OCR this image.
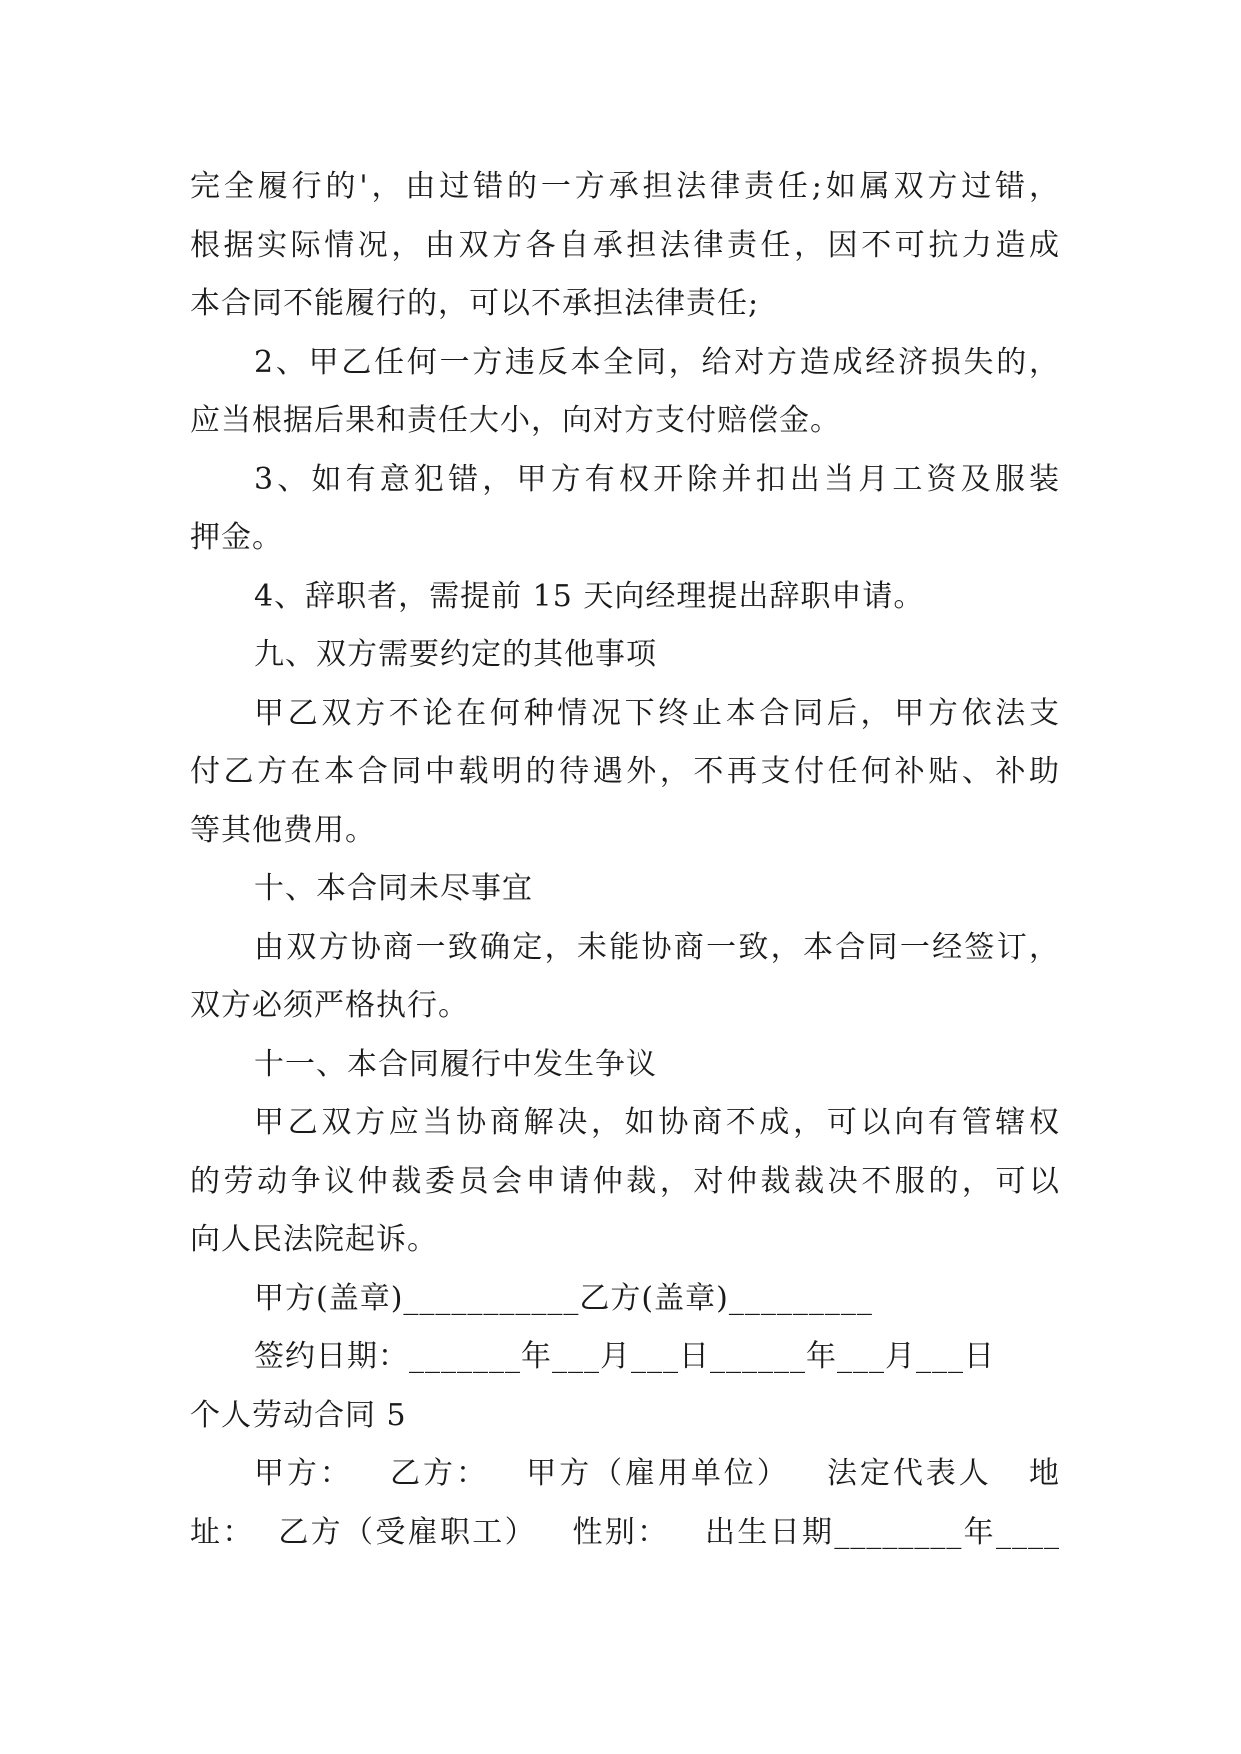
完全履行的'，由过错的一方承担法律责任;如属双方过错，
根据实际情况，由双方各自承担法律责任，因不可抗力造成
本合同不能履行的，可以不承担法律责任;
2、甲乙任何一方违反本全同，给对方造成经济损失的，
应当根据后果和责任大小，向对方支付赔偿金。
3、如有意犯错，甲方有权开除并扣出当月工资及服装
押金。
4、辞职者，需提前 15 天向经理提出辞职申请。
九、双方需要约定的其他事项
甲乙双方不论在何种情况下终止本合同后，甲方依法支
付乙方在本合同中载明的待遇外，不再支付任何补贴、补助
等其他费用。
十、本合同未尽事宜
由双方协商一致确定，未能协商一致，本合同一经签订，
双方必须严格执行。
十一、本合同履行中发生争议
甲乙双方应当协商解决，如协商不成，可以向有管辖权
的劳动争议仲裁委员会申请仲裁，对仲裁裁决不服的，可以
向人民法院起诉。
甲方(盖章)___________乙方(盖章)_________
签约日期：_______年___月___日______年___月___日
个人劳动合同 5
甲方：   乙方：   甲方（雇用单位）   法定代表人   地
址：  乙方（受雇职工）   性别：   出生日期________年____
